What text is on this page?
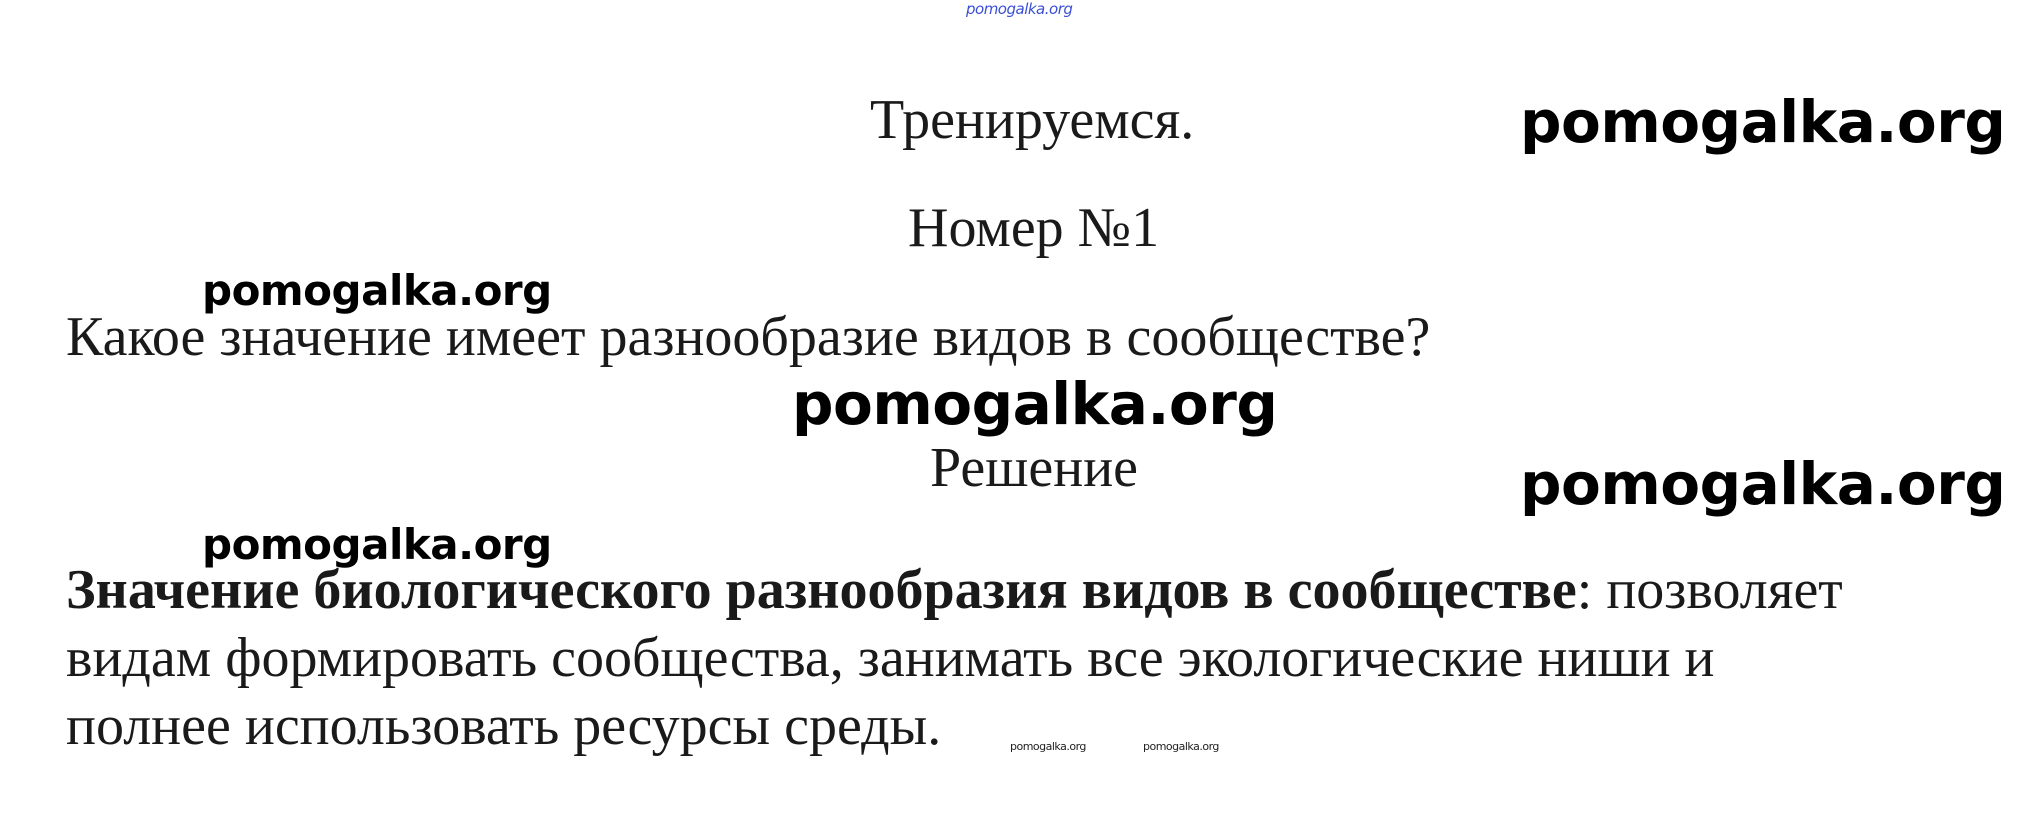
pomogalka.org
Тренируемся.	pomogalka.org
Номер №1
pomogalka.org
Какое значение имеет разнообразие видов в сообществе?
pomogalka.org
Решение	pomogalka.org
pomogalka.org
Значение биологического разнообразия видов в сообществе: позволяет
видам формировать сообщества, занимать все экологические ниши и
полнее использовать ресурсы среды.	pomogalka.org	pomogalka.org
